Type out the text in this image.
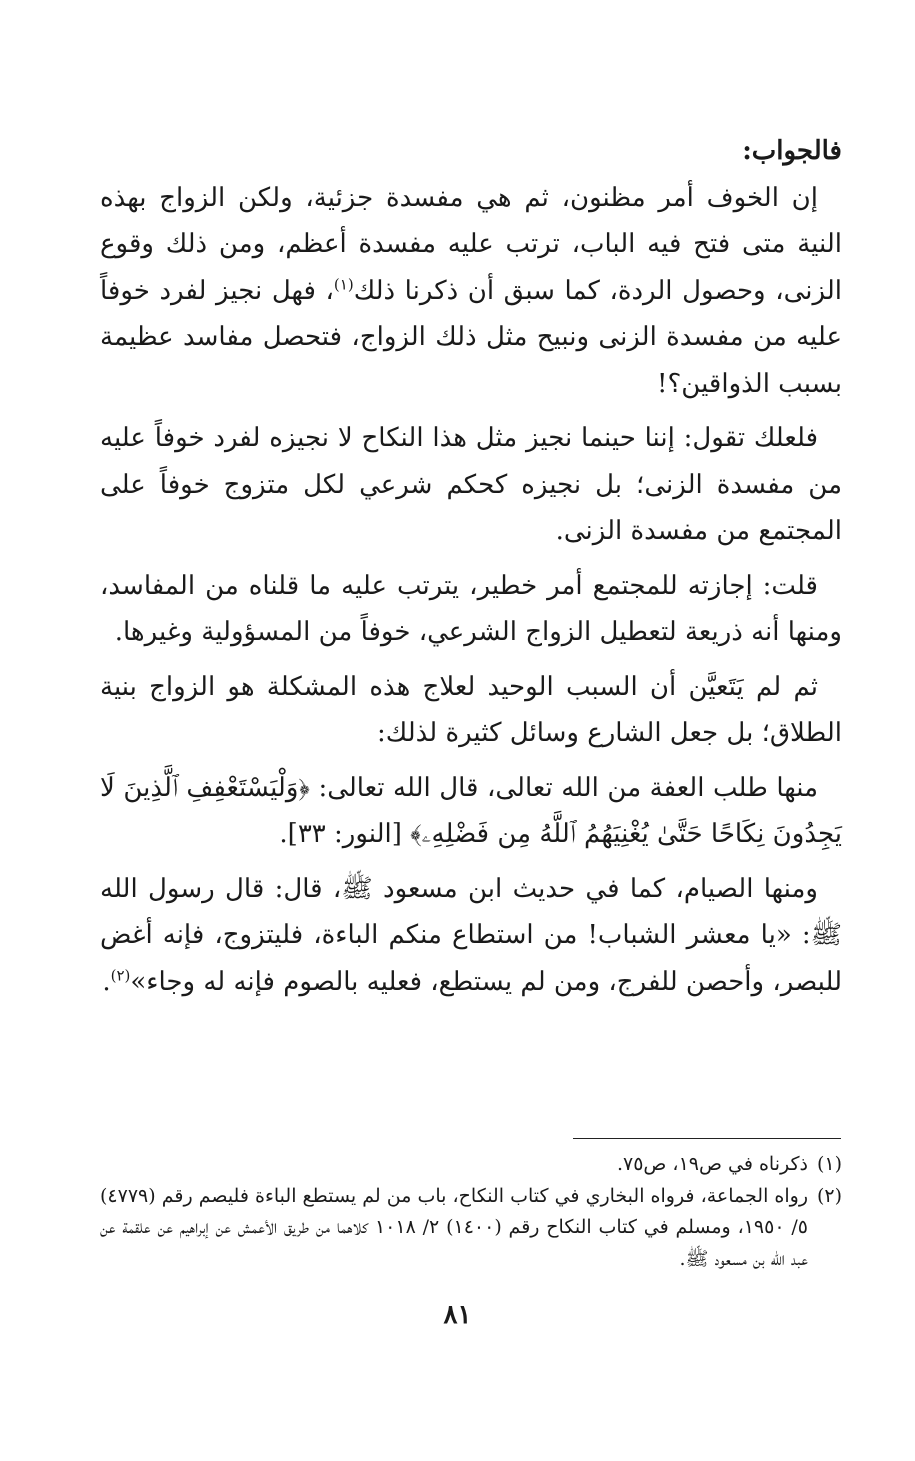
فالجواب:

إن الخوف أمر مظنون، ثم هي مفسدة جزئية، ولكن الزواج بهذه النية متى فتح فيه الباب، ترتب عليه مفسدة أعظم، ومن ذلك وقوع الزنى، وحصول الردة، كما سبق أن ذكرنا ذلك$^{(١)}$، فهل نجيز لفرد خوفاً عليه من مفسدة الزنى ونبيح مثل ذلك الزواج، فتحصل مفاسد عظيمة بسبب الذواقين؟!

فلعلك تقول: إننا حينما نجيز مثل هذا النكاح لا نجيزه لفرد خوفاً عليه من مفسدة الزنى؛ بل نجيزه كحكم شرعي لكل متزوج خوفاً على المجتمع من مفسدة الزنى.

قلت: إجازته للمجتمع أمر خطير، يترتب عليه ما قلناه من المفاسد، ومنها أنه ذريعة لتعطيل الزواج الشرعي، خوفاً من المسؤولية وغيرها.

ثم لم يَتَعيَّن أن السبب الوحيد لعلاج هذه المشكلة هو الزواج بنية الطلاق؛ بل جعل الشارع وسائل كثيرة لذلك:

منها طلب العفة من الله تعالى، قال الله تعالى: ﴿وَلْيَسْتَعْفِفِ ٱلَّذِينَ لَا يَجِدُونَ نِكَاحًا حَتَّىٰ يُغْنِيَهُمُ ٱللَّهُ مِن فَضْلِهِۦ﴾ [النور: ٣٣].

ومنها الصيام، كما في حديث ابن مسعود ﷺ، قال: قال رسول الله ﷺ: «يا معشر الشباب! من استطاع منكم الباءة، فليتزوج، فإنه أغض للبصر، وأحصن للفرج، ومن لم يستطع، فعليه بالصوم فإنه له وجاء»$^{(٢)}$.

(١)
ذكرناه في ص١٩، ص٧٥.
(٢)
رواه الجماعة، فرواه البخاري في كتاب النكاح، باب من لم يستطع الباءة فليصم رقم (٤٧٧٩) ٥/ ١٩٥٠، ومسلم في كتاب النكاح رقم (١٤٠٠) ٢/ ١٠١٨ كلاهما من طريق الأعمش عن إبراهيم عن علقمة عن عبد الله بن مسعود ﷺ.
٨١
